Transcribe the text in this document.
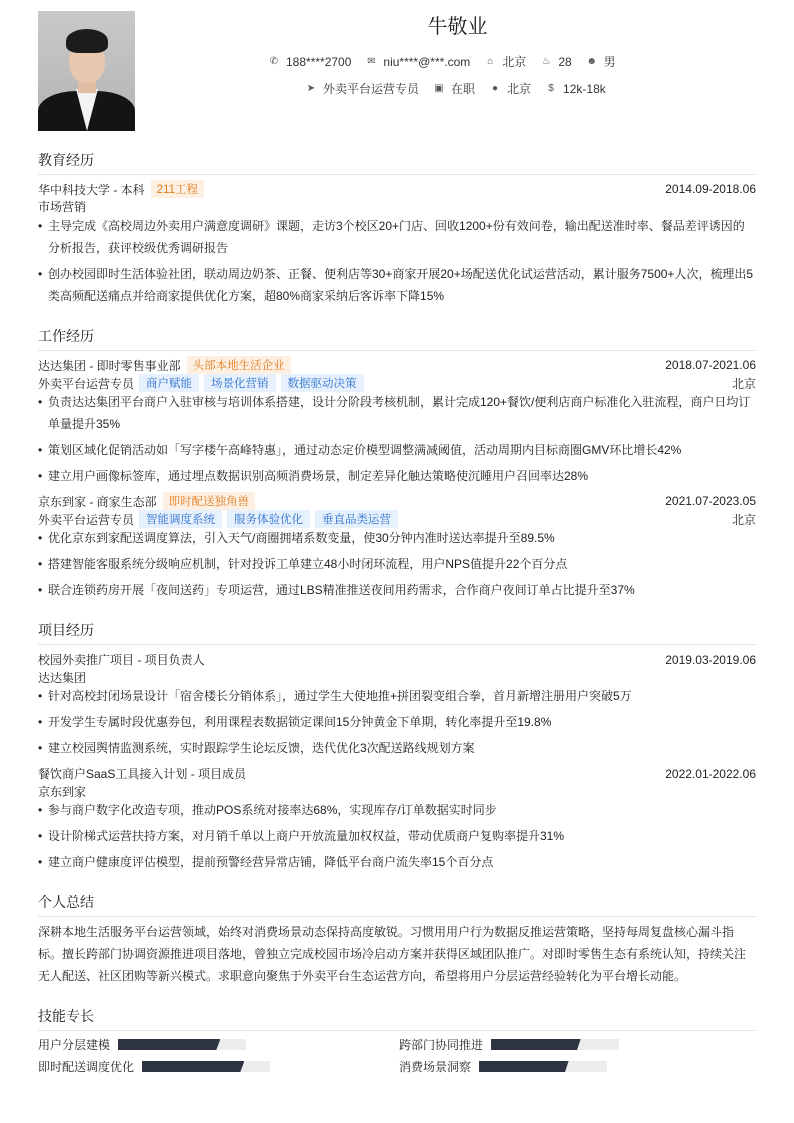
牛敬业
✆ 188****2700 ✉ niu****@***.com ⌂ 北京 ♨ 28 ☻ 男
➤ 外卖平台运营专员 ▣ 在职 ● 北京	$ 12k-18k
教育经历
华中科技大学 - 本科	211工程	2014.09-2018.06
市场营销
• 主导完成《高校周边外卖用户满意度调研》课题，走访3个校区20+门店、回收1200+份有效问卷，输出配送准时率、餐品差评诱因的分析报告，获评校级优秀调研报告
• 创办校园即时生活体验社团，联动周边奶茶、正餐、便利店等30+商家开展20+场配送优化试运营活动，累计服务7500+人次，梳理出5类高频配送痛点并给商家提供优化方案，超80%商家采纳后客诉率下降15%
工作经历
达达集团 - 即时零售事业部	头部本地生活企业	2018.07-2021.06
外卖平台运营专员	商户赋能	场景化营销	数据驱动决策	北京
• 负责达达集团平台商户入驻审核与培训体系搭建，设计分阶段考核机制，累计完成120+餐饮/便利店商户标准化入驻流程，商户日均订单量提升35%
• 策划区域化促销活动如「写字楼午高峰特惠」，通过动态定价模型调整满减阈值，活动周期内目标商圈GMV环比增长42%
• 建立用户画像标签库，通过埋点数据识别高频消费场景，制定差异化触达策略使沉睡用户召回率达28%
京东到家 - 商家生态部	即时配送独角兽	2021.07-2023.05
外卖平台运营专员	智能调度系统	服务体验优化	垂直品类运营	北京
• 优化京东到家配送调度算法，引入天气/商圈拥堵系数变量，使30分钟内准时送达率提升至89.5%
• 搭建智能客服系统分级响应机制，针对投诉工单建立48小时闭环流程，用户NPS值提升22个百分点
• 联合连锁药房开展「夜间送药」专项运营，通过LBS精准推送夜间用药需求，合作商户夜间订单占比提升至37%
项目经历
校园外卖推广项目 - 项目负责人	2019.03-2019.06
达达集团
• 针对高校封闭场景设计「宿舍楼长分销体系」，通过学生大使地推+拼团裂变组合拳，首月新增注册用户突破5万
• 开发学生专属时段优惠券包，利用课程表数据锁定课间15分钟黄金下单期，转化率提升至19.8%
• 建立校园舆情监测系统，实时跟踪学生论坛反馈，迭代优化3次配送路线规划方案
餐饮商户SaaS工具接入计划 - 项目成员	2022.01-2022.06
京东到家
• 参与商户数字化改造专项，推动POS系统对接率达68%，实现库存/订单数据实时同步
• 设计阶梯式运营扶持方案，对月销千单以上商户开放流量加权权益，带动优质商户复购率提升31%
• 建立商户健康度评估模型，提前预警经营异常店铺，降低平台商户流失率15个百分点
个人总结
深耕本地生活服务平台运营领域，始终对消费场景动态保持高度敏锐。习惯用用户行为数据反推运营策略，坚持每周复盘核心漏斗指标。擅长跨部门协调资源推进项目落地，曾独立完成校园市场冷启动方案并获得区域团队推广。对即时零售生态有系统认知，持续关注无人配送、社区团购等新兴模式。求职意向聚焦于外卖平台生态运营方向，希望将用户分层运营经验转化为平台增长动能。
技能专长
用户分层建模	跨部门协同推进
即时配送调度优化	消费场景洞察
